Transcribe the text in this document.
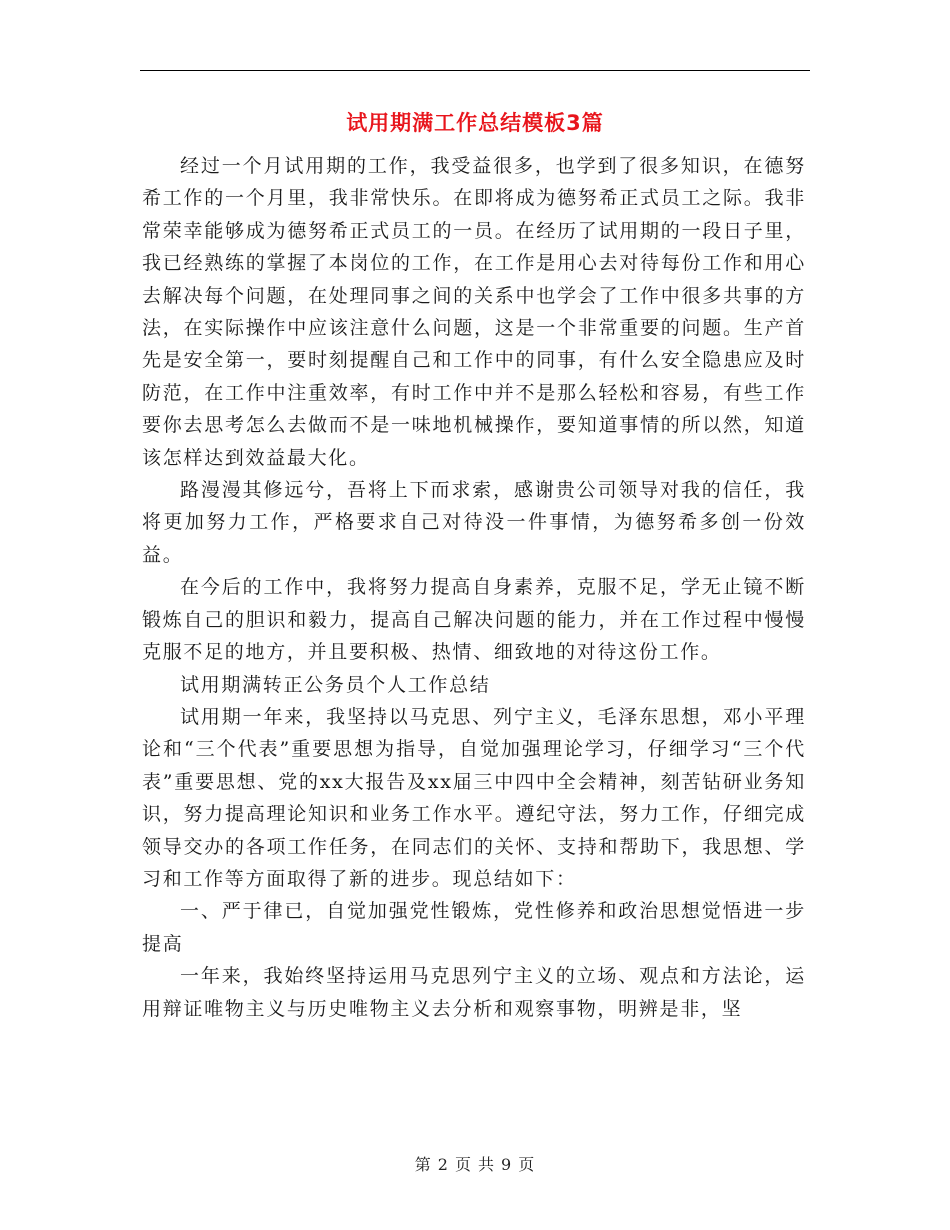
试用期满工作总结模板3篇

经过一个月试用期的工作，我受益很多，也学到了很多知识，在德努希工作的一个月里，我非常快乐。在即将成为德努希正式员工之际。我非常荣幸能够成为德努希正式员工的一员。在经历了试用期的一段日子里，我已经熟练的掌握了本岗位的工作，在工作是用心去对待每份工作和用心去解决每个问题，在处理同事之间的关系中也学会了工作中很多共事的方法，在实际操作中应该注意什么问题，这是一个非常重要的问题。生产首先是安全第一，要时刻提醒自己和工作中的同事，有什么安全隐患应及时防范，在工作中注重效率，有时工作中并不是那么轻松和容易，有些工作要你去思考怎么去做而不是一味地机械操作，要知道事情的所以然，知道该怎样达到效益最大化。

路漫漫其修远兮，吾将上下而求索，感谢贵公司领导对我的信任，我将更加努力工作，严格要求自己对待没一件事情，为德努希多创一份效益。

在今后的工作中，我将努力提高自身素养，克服不足，学无止镜不断锻炼自己的胆识和毅力，提高自己解决问题的能力，并在工作过程中慢慢克服不足的地方，并且要积极、热情、细致地的对待这份工作。

试用期满转正公务员个人工作总结

试用期一年来，我坚持以马克思、列宁主义，毛泽东思想，邓小平理论和“三个代表”重要思想为指导，自觉加强理论学习，仔细学习“三个代表”重要思想、党的xx大报告及xx届三中四中全会精神，刻苦钻研业务知识，努力提高理论知识和业务工作水平。遵纪守法，努力工作，仔细完成领导交办的各项工作任务，在同志们的关怀、支持和帮助下，我思想、学习和工作等方面取得了新的进步。现总结如下：

一、严于律已，自觉加强党性锻炼，党性修养和政治思想觉悟进一步提高

一年来，我始终坚持运用马克思列宁主义的立场、观点和方法论，运用辩证唯物主义与历史唯物主义去分析和观察事物，明辨是非，坚

第 2 页 共 9 页
